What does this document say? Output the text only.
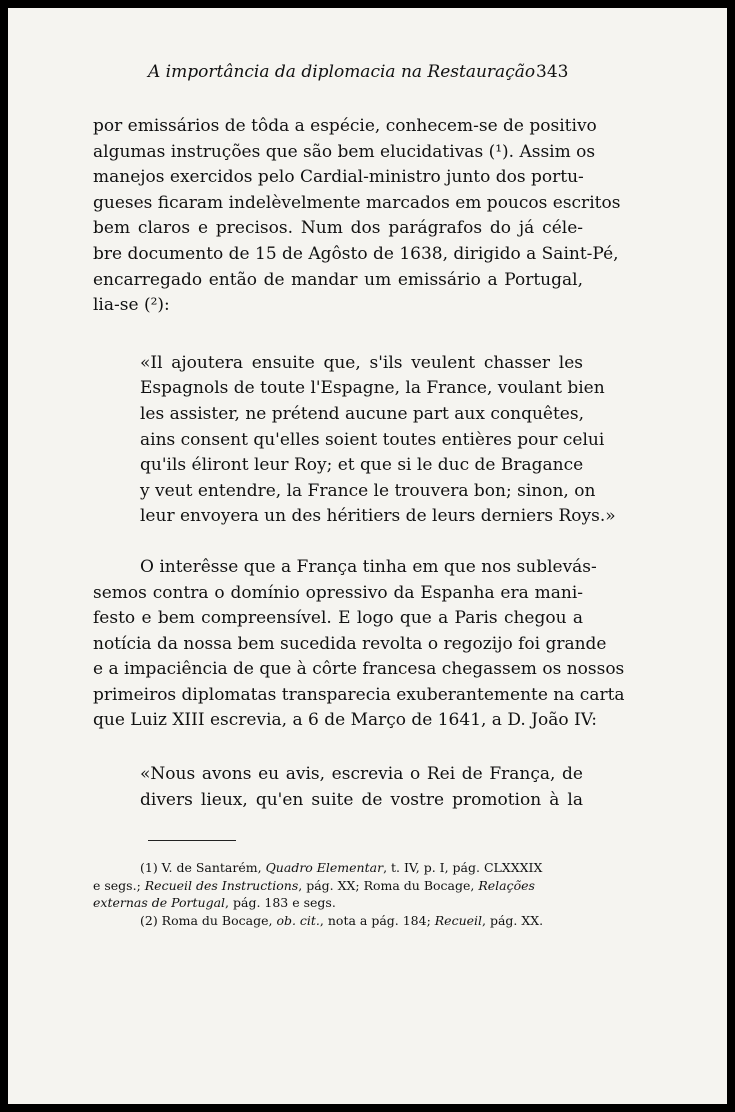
A importância da diplomacia na Restauração 343

por emissários de tôda a espécie, conhecem-se de positivo
algumas instruções que são bem elucidativas (¹). Assim os
manejos exercidos pelo Cardial-ministro junto dos portu-
gueses ficaram indelèvelmente marcados em poucos escritos
bem claros e precisos. Num dos parágrafos do já céle-
bre documento de 15 de Agôsto de 1638, dirigido a Saint-Pé,
encarregado então de mandar um emissário a Portugal,
lia-se (²):

«Il ajoutera ensuite que, s'ils veulent chasser les
Espagnols de toute l'Espagne, la France, voulant bien
les assister, ne prétend aucune part aux conquêtes,
ains consent qu'elles soient toutes entières pour celui
qu'ils éliront leur Roy; et que si le duc de Bragance
y veut entendre, la France le trouvera bon; sinon, on
leur envoyera un des héritiers de leurs derniers Roys.»

O interêsse que a França tinha em que nos sublevás-
semos contra o domínio opressivo da Espanha era mani-
festo e bem compreensível. E logo que a Paris chegou a
notícia da nossa bem sucedida revolta o regozijo foi grande
e a impaciência de que à côrte francesa chegassem os nossos
primeiros diplomatas transparecia exuberantemente na carta
que Luiz XIII escrevia, a 6 de Março de 1641, a D. João IV:

«Nous avons eu avis, escrevia o Rei de França, de
divers lieux, qu'en suite de vostre promotion à la

(1) V. de Santarém, Quadro Elementar, t. IV, p. I, pág. CLXXXIX
e segs.; Recueil des Instructions, pág. XX; Roma du Bocage, Relações
externas de Portugal, pág. 183 e segs.
(2) Roma du Bocage, ob. cit., nota a pág. 184; Recueil, pág. XX.
